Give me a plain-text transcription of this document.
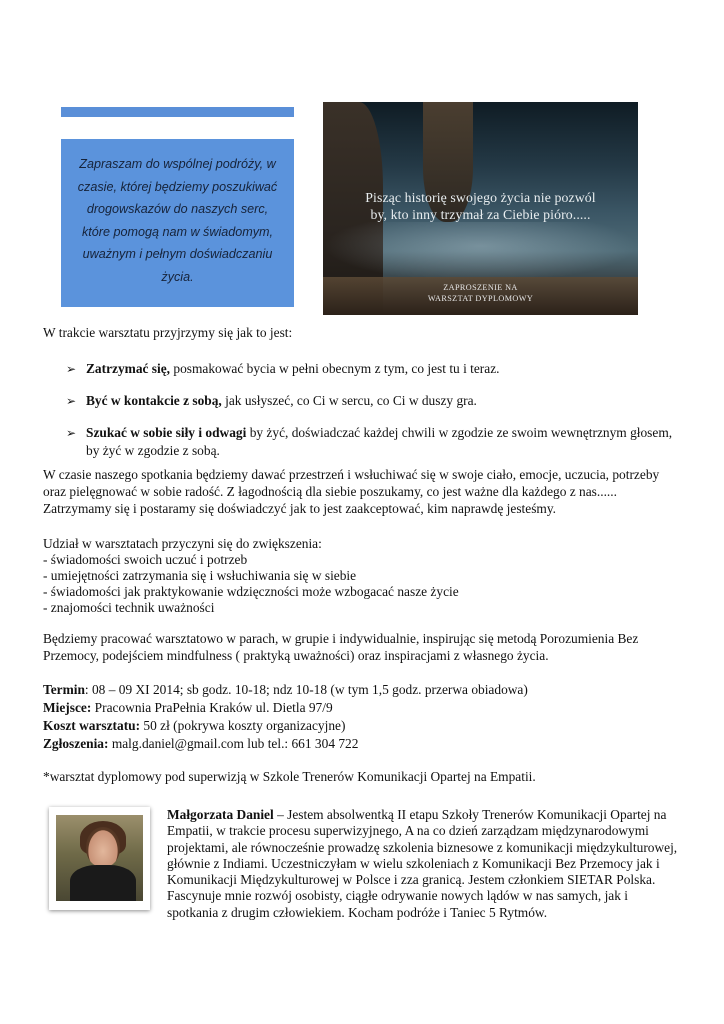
Zapraszam do wspólnej podróży, w
czasie, której będziemy poszukiwać
drogowskazów do naszych serc,
które pomogą nam w świadomym,
uważnym i pełnym doświadczaniu
życia.
Pisząc historię swojego życia nie pozwól
by, kto inny trzymał za Ciebie pióro.....
ZAPROSZENIE NA
WARSZTAT DYPLOMOWY

W trakcie warsztatu przyjrzymy się jak to jest:

➢ Zatrzymać się, posmakować bycia w pełni obecnym z tym, co jest tu i teraz.
➢ Być w kontakcie z sobą, jak usłyszeć, co Ci w sercu, co Ci w duszy gra.
➢ Szukać w sobie siły i odwagi by żyć, doświadczać każdej chwili w zgodzie ze swoim wewnętrznym głosem, by żyć w zgodzie z sobą.

W czasie naszego spotkania będziemy dawać przestrzeń i wsłuchiwać się w swoje ciało, emocje, uczucia, potrzeby oraz pielęgnować w sobie radość. Z łagodnością dla siebie poszukamy, co jest ważne dla każdego z nas...... Zatrzymamy się i postaramy się doświadczyć jak to jest zaakceptować, kim naprawdę jesteśmy.

Udział w warsztatach przyczyni się do zwiększenia:
- świadomości swoich uczuć i potrzeb
- umiejętności zatrzymania się i wsłuchiwania się w siebie
- świadomości jak praktykowanie wdzięczności może wzbogacać nasze życie
- znajomości technik uważności

Będziemy pracować warsztatowo w parach, w grupie i indywidualnie, inspirując się metodą Porozumienia Bez Przemocy, podejściem mindfulness ( praktyką uważności) oraz inspiracjami z własnego życia.

Termin: 08 – 09 XI 2014; sb godz. 10-18; ndz 10-18 (w tym 1,5 godz. przerwa obiadowa)
Miejsce: Pracownia PraPełnia Kraków ul. Dietla 97/9
Koszt warsztatu: 50 zł (pokrywa koszty organizacyjne)
Zgłoszenia: malg.daniel@gmail.com lub tel.: 661 304 722

*warsztat dyplomowy pod superwizją w Szkole Trenerów Komunikacji Opartej na Empatii.

Małgorzata Daniel – Jestem absolwentką II etapu Szkoły Trenerów Komunikacji Opartej na Empatii, w trakcie procesu superwizyjnego, A na co dzień zarządzam międzynarodowymi projektami, ale równocześnie prowadzę szkolenia biznesowe z komunikacji międzykulturowej, głównie z Indiami. Uczestniczyłam w wielu szkoleniach z Komunikacji Bez Przemocy jak i Komunikacji Międzykulturowej w Polsce i zza granicą. Jestem członkiem SIETAR Polska. Fascynuje mnie rozwój osobisty, ciągłe odrywanie nowych lądów w nas samych, jak i spotkania z drugim człowiekiem. Kocham podróże i Taniec 5 Rytmów.
